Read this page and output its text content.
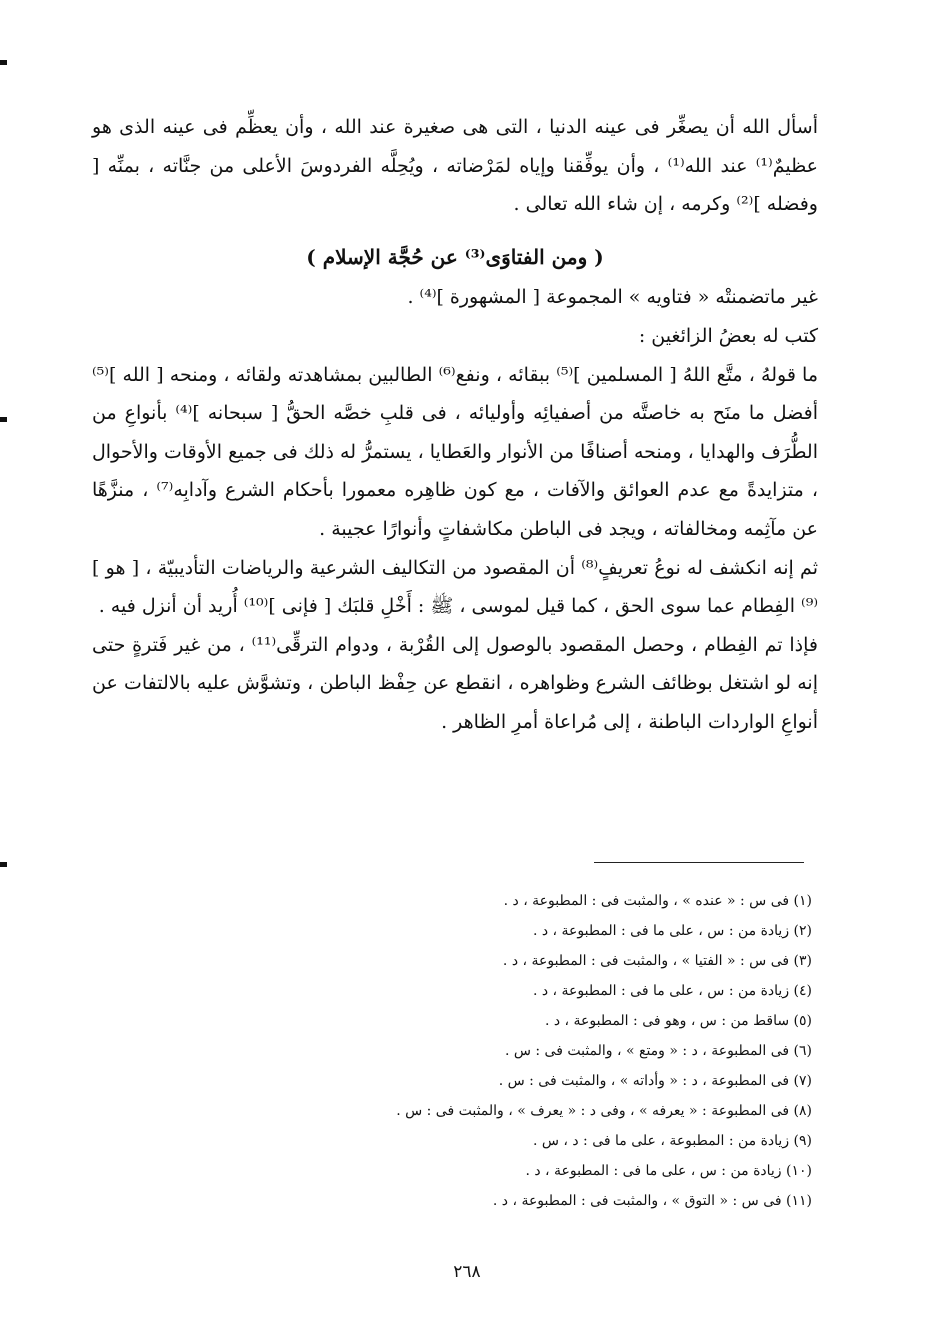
أسأل الله أن يصغِّر فى عينه الدنيا ، التى هى صغيرة عند الله ، وأن يعظِّم فى عينه الذى هو عظيمٌ⁽¹⁾ عند الله⁽¹⁾ ، وأن يوفِّقنا وإياه لمَرْضاته ، ويُحِلَّه الفردوسَ الأعلى من جنَّاته ، بمنِّه [ وفضله ]⁽²⁾ وكرمه ، إن شاء الله تعالى .

( ومن الفتاوَى⁽³⁾ عن حُجَّة الإسلام )

غير ماتضمنتْه « فتاويه » المجموعة [ المشهورة ]⁽⁴⁾ .

كتب له بعضُ الزائغين :

ما قولهُ ، متَّع اللهُ [ المسلمين ]⁽⁵⁾ ببقائه ، ونفع⁽⁶⁾ الطالبين بمشاهدته ولقائه ، ومنحه [ الله ]⁽⁵⁾ أفضل ما منَح به خاصتَّه من أصفيائِه وأوليائه ، فى قلبِ خصَّه الحقُّ [ سبحانه ]⁽⁴⁾ بأنواعِ من الطُّرَف والهدايا ، ومنحه أصنافًا من الأنوار والعَطايا ، يستمرُّ له ذلك فى جميع الأوقات والأحوال ، متزايدةً مع عدم العوائق والآفات ، مع كون ظاهِره معمورا بأحكام الشرع وآدابِه⁽⁷⁾ ، منزَّهًا عن مآثِمه ومخالفاته ، ويجد فى الباطن مكاشفاتٍ وأنوارًا عجيبة .

ثم إنه انكشف له نوعُ تعريفٍ⁽⁸⁾ أن المقصود من التكاليف الشرعية والرياضات التأديبيّة ، [ هو ]⁽⁹⁾ الفِطام عما سوى الحق ، كما قيل لموسى ، ﷺ : أَخْلِ قلبَك [ فإنى ]⁽¹⁰⁾ أُريد أن أنزل فيه .

فإذا تم الفِطام ، وحصل المقصود بالوصول إلى القُرْبة ، ودوام الترقِّى⁽¹¹⁾ ، من غير فَترةٍ حتى إنه لو اشتغل بوظائف الشرع وظواهره ، انقطع عن حِفْظ الباطن ، وتشوَّش عليه بالالتفات عن أنواعِ الواردات الباطنة ، إلى مُراعاة أمرِ الظاهر .

(١) فى س : « عنده » ، والمثبت فى : المطبوعة ، د .
(٢) زيادة من : س ، على ما فى : المطبوعة ، د .
(٣) فى س : « الفتيا » ، والمثبت فى : المطبوعة ، د .
(٤) زيادة من : س ، على ما فى : المطبوعة ، د .
(٥) ساقط من : س ، وهو فى : المطبوعة ، د .
(٦) فى المطبوعة ، د : « ومتع » ، والمثبت فى : س .
(٧) فى المطبوعة ، د : « وأداته » ، والمثبت فى : س .
(٨) فى المطبوعة : « يعرفه » ، وفى د : « يعرف » ، والمثبت فى : س .
(٩) زيادة من : المطبوعة ، على ما فى : د ، س .
(١٠) زيادة من : س ، على ما فى : المطبوعة ، د .
(١١) فى س : « التوق » ، والمثبت فى : المطبوعة ، د .
٢٦٨
